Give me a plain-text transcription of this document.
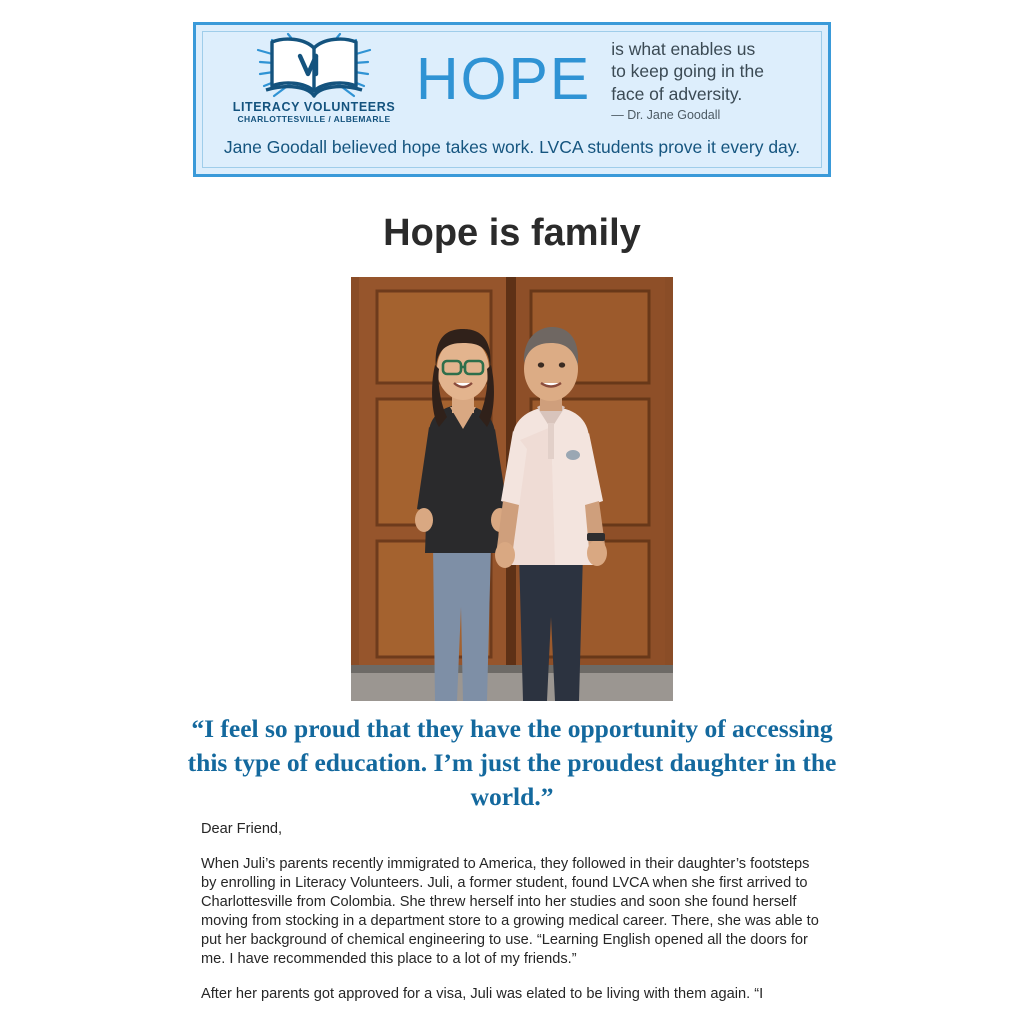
LITERACY VOLUNTEERS
CHARLOTTESVILLE / ALBEMARLE
HOPE is what enables us
to keep going in the
face of adversity.
— Dr. Jane Goodall
Jane Goodall believed hope takes work. LVCA students prove it every day.
Hope is family
“I feel so proud that they have the opportunity of accessing this type of education. I’m just the proudest daughter in the world.”

Dear Friend,

When Juli’s parents recently immigrated to America, they followed in their daughter’s footsteps by enrolling in Literacy Volunteers. Juli, a former student, found LVCA when she first arrived to Charlottesville from Colombia. She threw herself into her studies and soon she found herself moving from stocking in a department store to a growing medical career. There, she was able to put her background of chemical engineering to use. “Learning English opened all the doors for me. I have recommended this place to a lot of my friends.”

After her parents got approved for a visa, Juli was elated to be living with them again. “I
